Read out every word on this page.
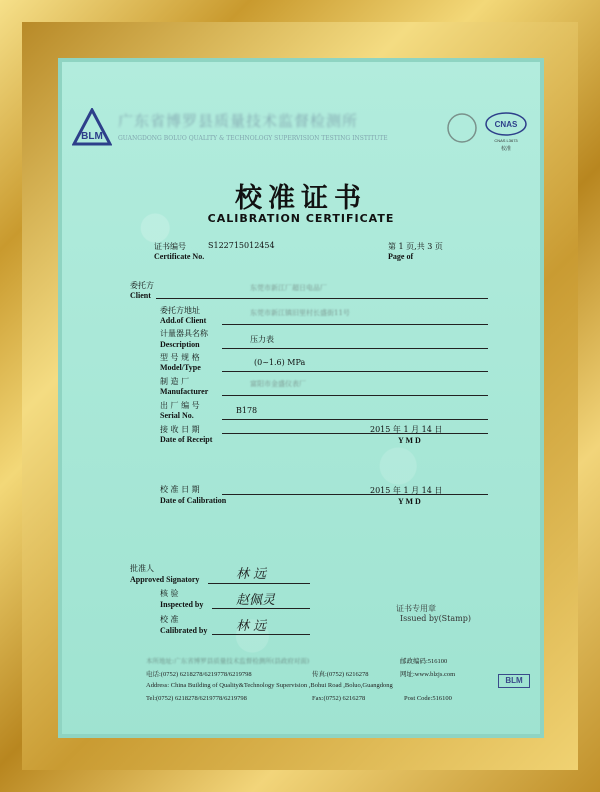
BLM
广东省博罗县质量技术监督检测所
GUANGDONG BOLUO QUALITY & TECHNOLOGY SUPERVISION TESTING INSTITUTE
CNAS
CNAS L3673
校准
校准证书
CALIBRATION CERTIFICATE
证书编号	S122715012454
Certificate No.
第 1 页,共 3 页
Page of
委托方
Client
东莞市新江厂超日电品厂
委托方地址
Add.of Client
东莞市新江镇旧里村长盛街11号
计量器具名称
Description
压力表
型 号 规 格
Model/Type
(0~1.6) MPa
制 造 厂
Manufacturer
富阳市金盛仪表厂
出 厂 编 号
Serial No.
B178
接 收 日 期
Date of Receipt
2015 年 1 月 14 日
Y M D
校 准 日 期
Date of Calibration
2015 年 1 月 14 日
Y M D
批准人
Approved Signatory	林 远
核 验
Inspected by	赵佩灵
校 准
Calibrated by 林 远
证书专用章
Issued by(Stamp)
本所地址:广东省博罗县质量技术监督检测所(县政府对面)	邮政编码:516100
电话:(0752) 6218278/6219778/6219798	传真:(0752) 6216278	网址:www.blzjs.com
Address: China Building of Quality&Technology Supervision ,Bohui Road ,Boluo,Guangdong
Tel:(0752) 6218278/6219778/6219798	Fax:(0752) 6216278	Post Code:516100
BLM
